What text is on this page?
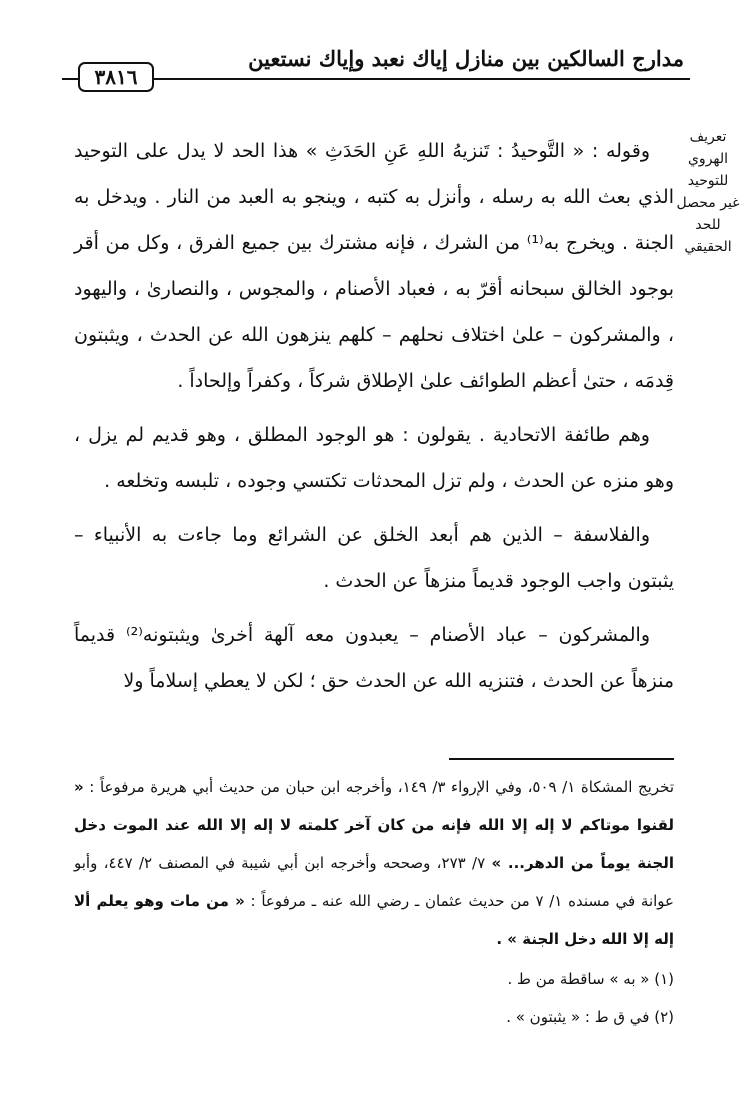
مدارج السالكين بين منازل إياك نعبد وإياك نستعين
٣٨١٦
تعريف
الهروي
للتوحيد
غير محصل
للحد
الحقيقي

وقوله : « التَّوحيدُ : تَنزيهُ اللهِ عَنِ الحَدَثِ » هذا الحد لا يدل على التوحيد الذي بعث الله به رسله ، وأنزل به كتبه ، وينجو به العبد من النار . ويدخل به الجنة . ويخرج به⁽¹⁾ من الشرك ، فإنه مشترك بين جميع الفرق ، وكل من أقر بوجود الخالق سبحانه أقرّ به ، فعباد الأصنام ، والمجوس ، والنصارىٰ ، واليهود ، والمشركون – علىٰ اختلاف نحلهم – كلهم ينزهون الله عن الحدث ، ويثبتون قِدمَه ، حتىٰ أعظم الطوائف علىٰ الإطلاق شركاً ، وكفراً وإلحاداً .

وهم طائفة الاتحادية . يقولون : هو الوجود المطلق ، وهو قديم لم يزل ، وهو منزه عن الحدث ، ولم تزل المحدثات تكتسي وجوده ، تلبسه وتخلعه .

والفلاسفة – الذين هم أبعد الخلق عن الشرائع وما جاءت به الأنبياء – يثبتون واجب الوجود قديماً منزهاً عن الحدث .

والمشركون – عباد الأصنام – يعبدون معه آلهة أخرىٰ ويثبتونه⁽²⁾ قديماً منزهاً عن الحدث ، فتنزيه الله عن الحدث حق ؛ لكن لا يعطي إسلاماً ولا

تخريج المشكاة ١/ ٥٠٩، وفي الإرواء ٣/ ١٤٩، وأخرجه ابن حبان من حديث أبي هريرة مرفوعاً : « لقنوا موتاكم لا إله إلا الله فإنه من كان آخر كلمته لا إله إلا الله عند الموت دخل الجنة يوماً من الدهر... » ٧/ ٢٧٣، وصححه وأخرجه ابن أبي شيبة في المصنف ٢/ ٤٤٧، وأبو عوانة في مسنده ١/ ٧ من حديث عثمان ـ رضي الله عنه ـ مرفوعاً : « من مات وهو يعلم ألا إله إلا الله دخل الجنة » .

(١) « به » ساقطة من ط .

(٢) في ق ط : « يثبتون » .
